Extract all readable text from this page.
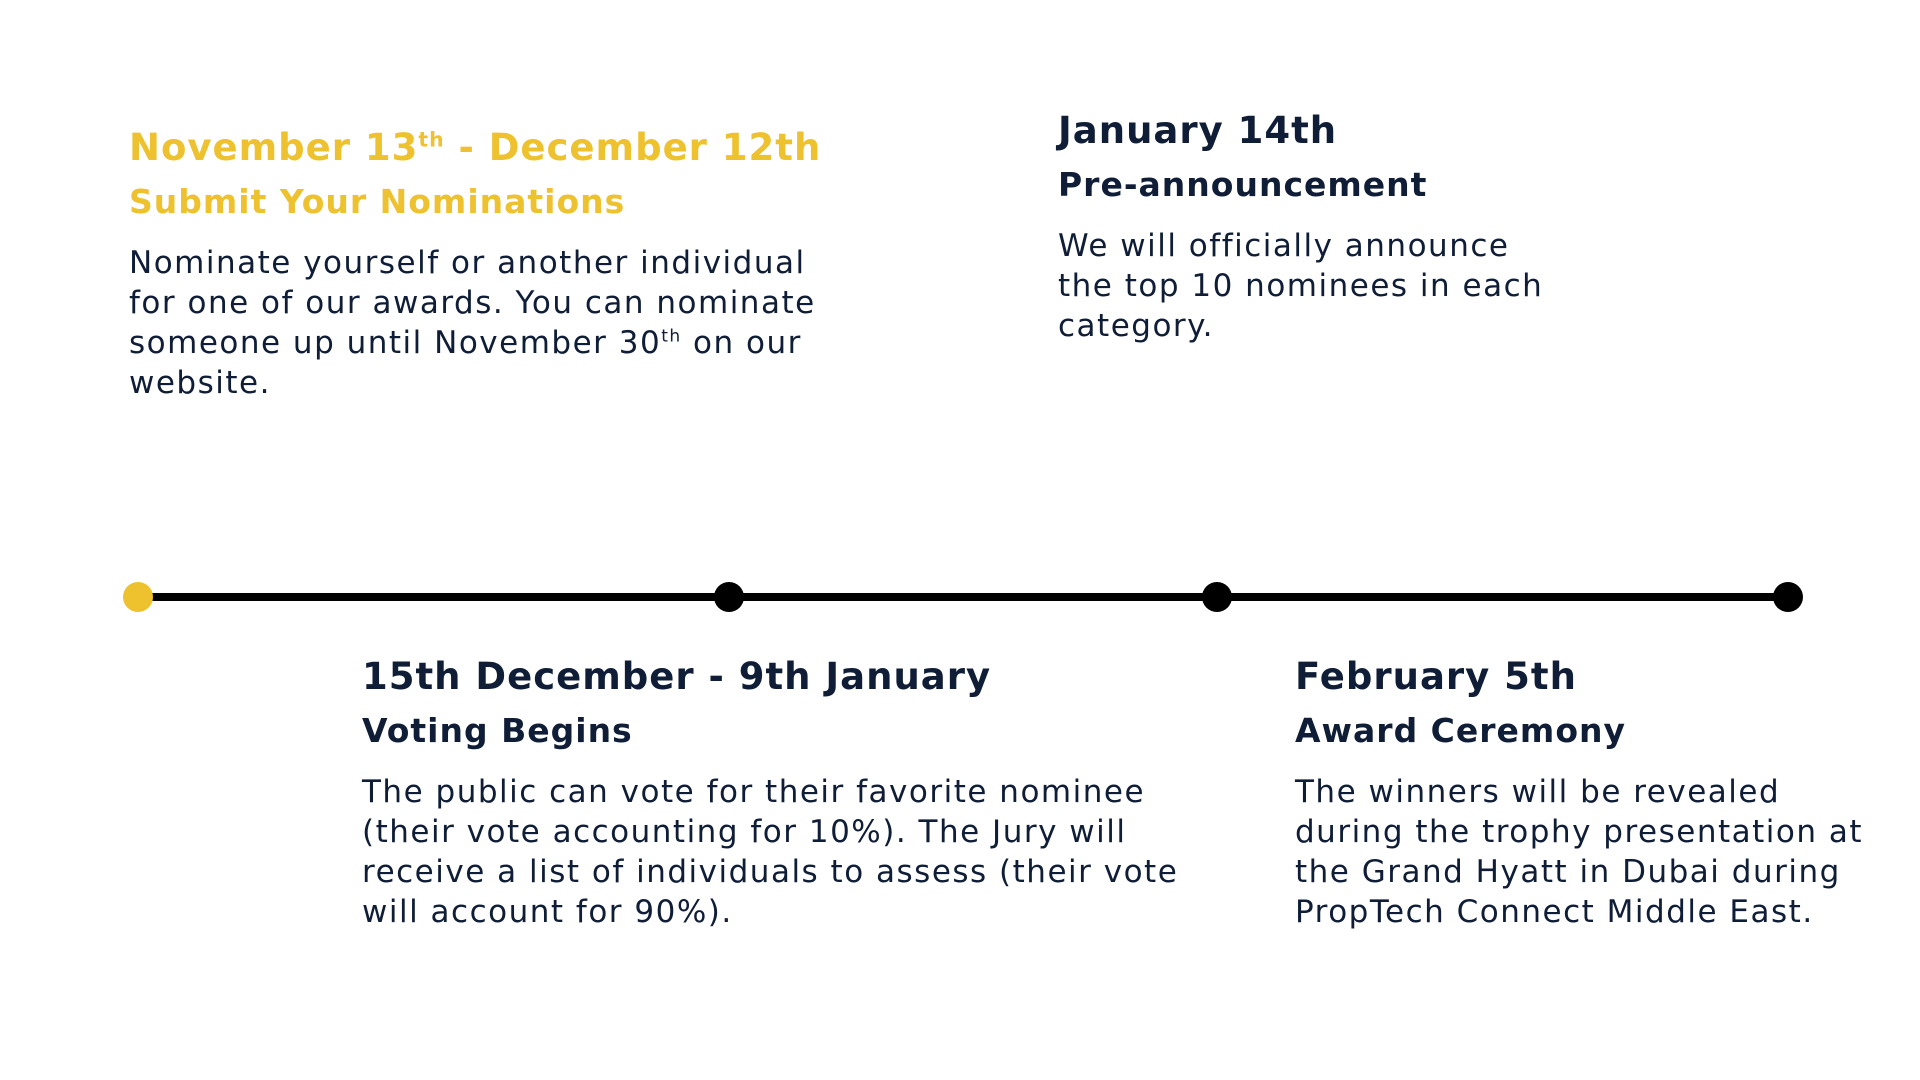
November 13th - December 12th

Submit Your Nominations

Nominate yourself or another individual for one of our awards. You can nominate someone up until November 30th on our website.

January 14th

Pre-announcement

We will officially announce the top 10 nominees in each category.

15th December - 9th January

Voting Begins

The public can vote for their favorite nominee (their vote accounting for 10%). The Jury will receive a list of individuals to assess (their vote will account for 90%).

February 5th

Award Ceremony

The winners will be revealed during the trophy presentation at the Grand Hyatt in Dubai during PropTech Connect Middle East.
